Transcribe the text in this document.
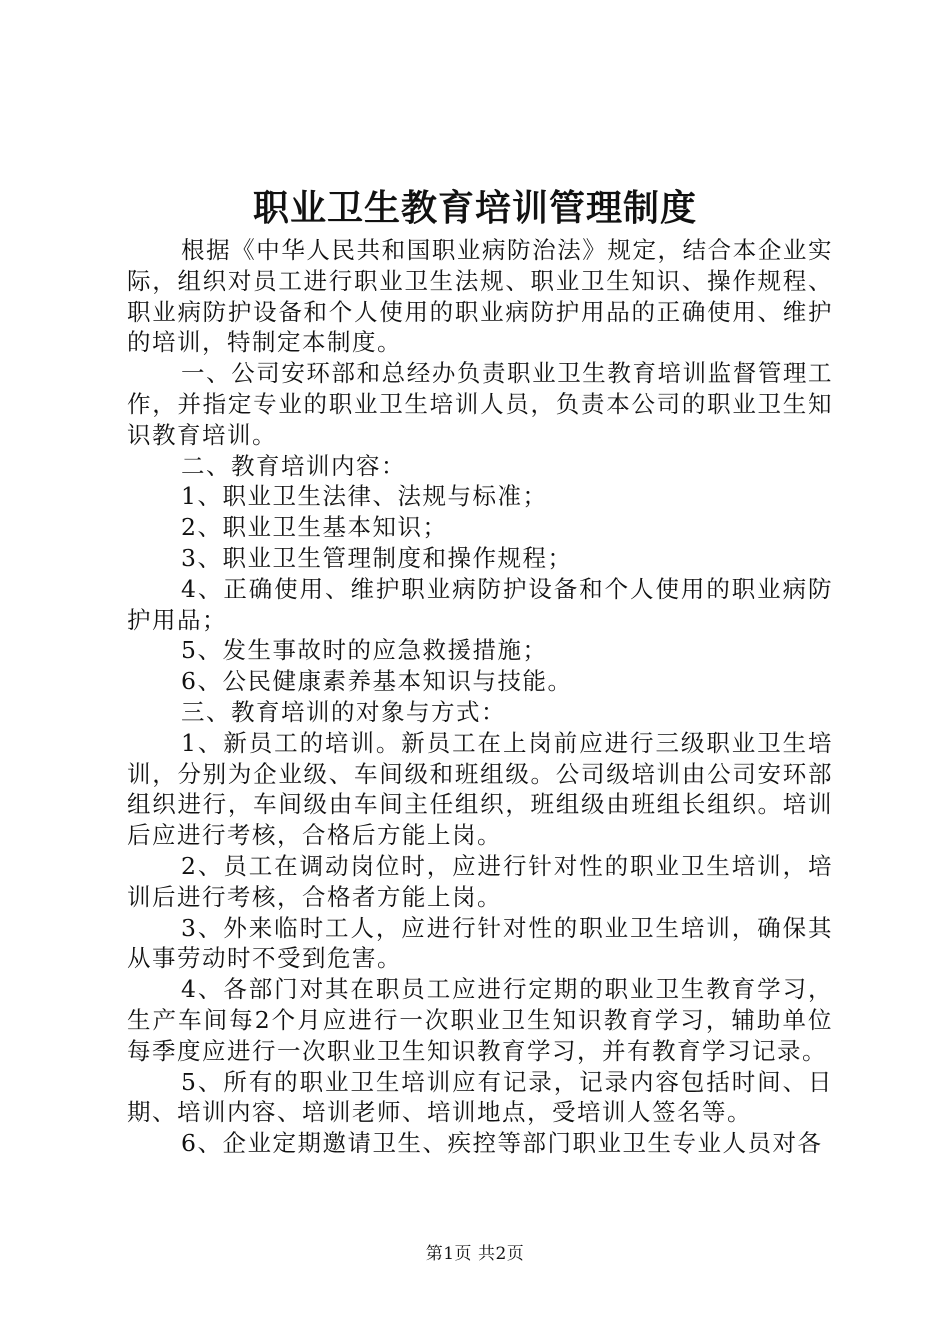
职业卫生教育培训管理制度

根据《中华人民共和国职业病防治法》规定，结合本企业实际，组织对员工进行职业卫生法规、职业卫生知识、操作规程、职业病防护设备和个人使用的职业病防护用品的正确使用、维护的培训，特制定本制度。

一、公司安环部和总经办负责职业卫生教育培训监督管理工作，并指定专业的职业卫生培训人员，负责本公司的职业卫生知识教育培训。

二、教育培训内容：

1、职业卫生法律、法规与标准；

2、职业卫生基本知识；

3、职业卫生管理制度和操作规程；

4、正确使用、维护职业病防护设备和个人使用的职业病防护用品；

5、发生事故时的应急救援措施；

6、公民健康素养基本知识与技能。

三、教育培训的对象与方式：

1、新员工的培训。新员工在上岗前应进行三级职业卫生培训，分别为企业级、车间级和班组级。公司级培训由公司安环部组织进行，车间级由车间主任组织，班组级由班组长组织。培训后应进行考核，合格后方能上岗。

2、员工在调动岗位时，应进行针对性的职业卫生培训，培训后进行考核，合格者方能上岗。

3、外来临时工人，应进行针对性的职业卫生培训，确保其从事劳动时不受到危害。

4、各部门对其在职员工应进行定期的职业卫生教育学习，生产车间每2个月应进行一次职业卫生知识教育学习，辅助单位每季度应进行一次职业卫生知识教育学习，并有教育学习记录。

5、所有的职业卫生培训应有记录，记录内容包括时间、日期、培训内容、培训老师、培训地点，受培训人签名等。

6、企业定期邀请卫生、疾控等部门职业卫生专业人员对各

第1页 共2页
